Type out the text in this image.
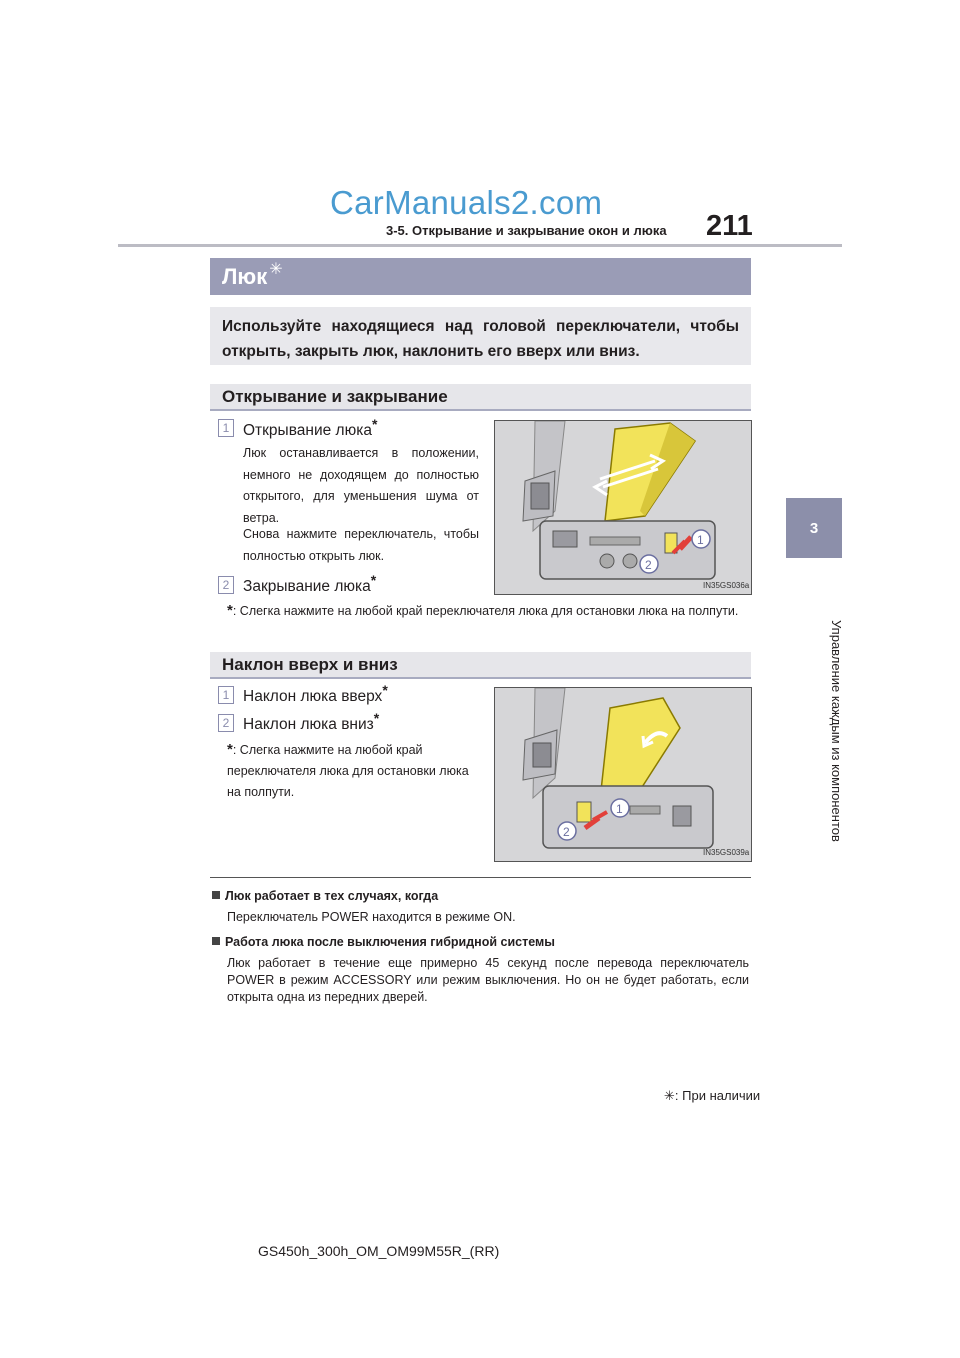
CarManuals2.com
211
3-5. Открывание и закрывание окон и люка
3
Управление каждым из компонентов
Люк ✳
Используйте находящиеся над головой переключатели, чтобы открыть, закрыть люк, наклонить его вверх или вниз.
Открывание и закрывание
1 Открывание люка*
Люк останавливается в положении, немного не доходящем до полностью открытого, для уменьшения шума от ветра.
Снова нажмите переключатель, чтобы полностью открыть люк.
2 Закрывание люка*
*: Слегка нажмите на любой край переключателя люка для остановки люка на полпути.
1
2
IN35GS036a
Наклон вверх и вниз
1 Наклон люка вверх*
2 Наклон люка вниз*
*: Слегка нажмите на любой край переключателя люка для остановки люка на полпути.
1
2
IN35GS039a
Люк работает в тех случаях, когда
Переключатель POWER находится в режиме ON.
Работа люка после выключения гибридной системы
Люк работает в течение еще примерно 45 секунд после перевода переключатель POWER в режим ACCESSORY или режим выключения. Но он не будет работать, если открыта одна из передних дверей.
✳: При наличии
GS450h_300h_OM_OM99M55R_(RR)
